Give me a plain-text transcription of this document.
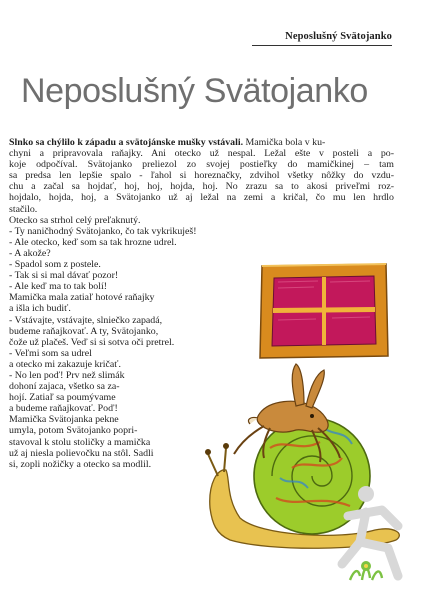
Neposlušný Svätojanko
Neposlušný Svätojanko
Slnko sa chýlilo k západu a svätojánske mušky vstávali. Mamička bola v ku-
chyni a pripravovala raňajky. Ani otecko už nespal. Ležal ešte v posteli a po-
koje odpočíval. Svätojanko preliezol zo svojej postieľky do mamičkinej – tam
sa predsa len lepšie spalo - ľahol si horeznačky, zdvihol všetky nôžky do vzdu-
chu a začal sa hojdať, hoj, hoj, hojda, hoj. No zrazu sa to akosi priveľmi roz-
hojdalo, hojda, hoj, a Svätojanko už aj ležal na zemi a kričal, čo mu len hrdlo
stačilo.
Otecko sa strhol celý preľaknutý.
- Ty naničhodný Svätojanko, čo tak vykrikuješ!
- Ale otecko, keď som sa tak hrozne udrel.
- A akože?
- Spadol som z postele.
- Tak si si mal dávať pozor!
- Ale keď ma to tak bolí!
Mamička mala zatiaľ hotové raňajky
a išla ich budiť.
- Vstávajte, vstávajte, slniečko zapadá,
budeme raňajkovať. A ty, Svätojanko,
čože už plačeš. Veď si si sotva oči pretrel.
- Veľmi som sa udrel
a otecko mi zakazuje kričať.
- No len poď! Prv než slimák
dohoní zajaca, všetko sa za-
hojí. Zatiaľ sa poumývame
a budeme raňajkovať. Poď!
Mamička Svätojanka pekne
umyla, potom Svätojanko popri-
stavoval k stolu stoličky a mamička
už aj niesla polievočku na stôl. Sadli
si, zopli nožičky a otecko sa modlil.
